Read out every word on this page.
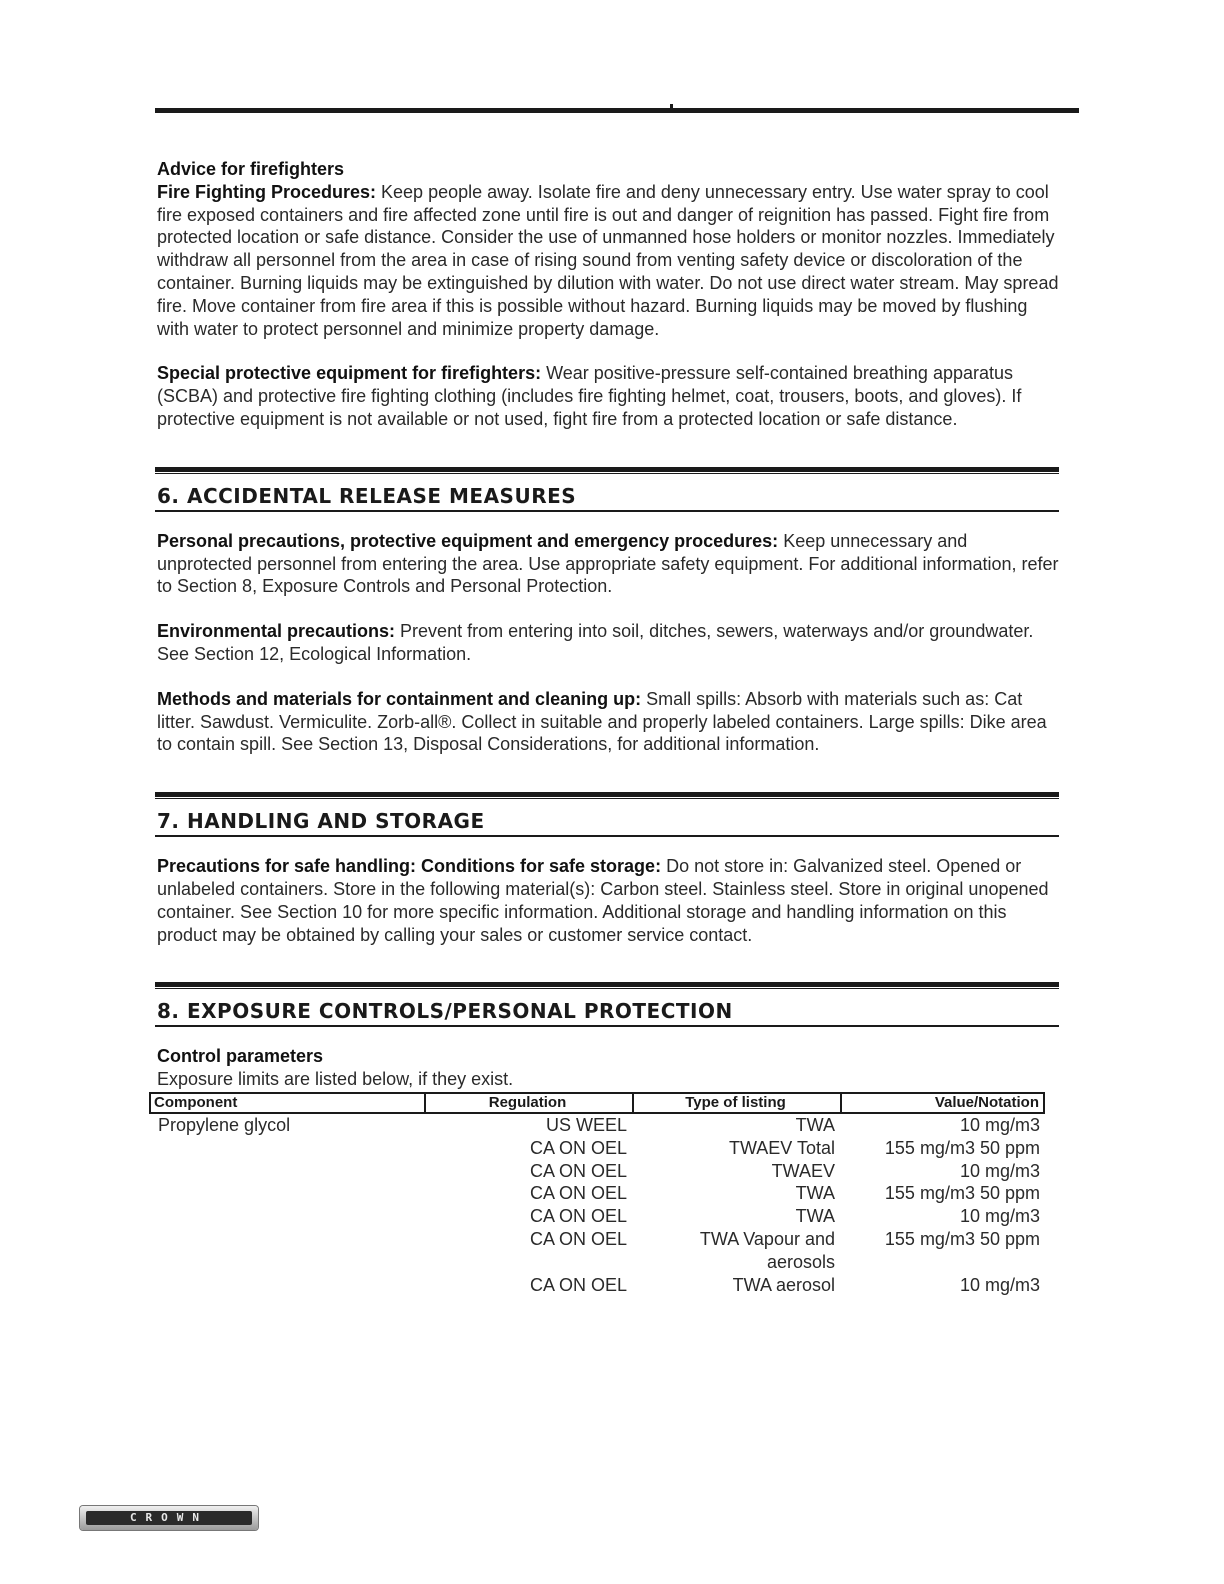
Advice for firefighters

Fire Fighting Procedures: Keep people away. Isolate fire and deny unnecessary entry. Use water spray to cool fire exposed containers and fire affected zone until fire is out and danger of reignition has passed. Fight fire from protected location or safe distance. Consider the use of unmanned hose holders or monitor nozzles. Immediately withdraw all personnel from the area in case of rising sound from venting safety device or discoloration of the container. Burning liquids may be extinguished by dilution with water. Do not use direct water stream. May spread fire. Move container from fire area if this is possible without hazard. Burning liquids may be moved by flushing with water to protect personnel and minimize property damage.

Special protective equipment for firefighters: Wear positive-pressure self-contained breathing apparatus (SCBA) and protective fire fighting clothing (includes fire fighting helmet, coat, trousers, boots, and gloves). If protective equipment is not available or not used, fight fire from a protected location or safe distance.

6. ACCIDENTAL RELEASE MEASURES

Personal precautions, protective equipment and emergency procedures: Keep unnecessary and unprotected personnel from entering the area. Use appropriate safety equipment. For additional information, refer to Section 8, Exposure Controls and Personal Protection.

Environmental precautions: Prevent from entering into soil, ditches, sewers, waterways and/or groundwater. See Section 12, Ecological Information.

Methods and materials for containment and cleaning up: Small spills: Absorb with materials such as: Cat litter. Sawdust. Vermiculite. Zorb-all®. Collect in suitable and properly labeled containers. Large spills: Dike area to contain spill. See Section 13, Disposal Considerations, for additional information.

7. HANDLING AND STORAGE

Precautions for safe handling: Conditions for safe storage: Do not store in: Galvanized steel. Opened or unlabeled containers. Store in the following material(s): Carbon steel. Stainless steel. Store in original unopened container. See Section 10 for more specific information. Additional storage and handling information on this product may be obtained by calling your sales or customer service contact.

8. EXPOSURE CONTROLS/PERSONAL PROTECTION
Control parameters

Exposure limits are listed below, if they exist.

Component	Regulation	Type of listing	Value/Notation
Propylene glycol	US WEEL	TWA	10 mg/m3
	CA ON OEL	TWAEV Total	155 mg/m3 50 ppm
	CA ON OEL	TWAEV	10 mg/m3
	CA ON OEL	TWA	155 mg/m3 50 ppm
	CA ON OEL	TWA	10 mg/m3
	CA ON OEL	TWA Vapour and aerosols	155 mg/m3 50 ppm
	CA ON OEL	TWA aerosol	10 mg/m3
CROWN
